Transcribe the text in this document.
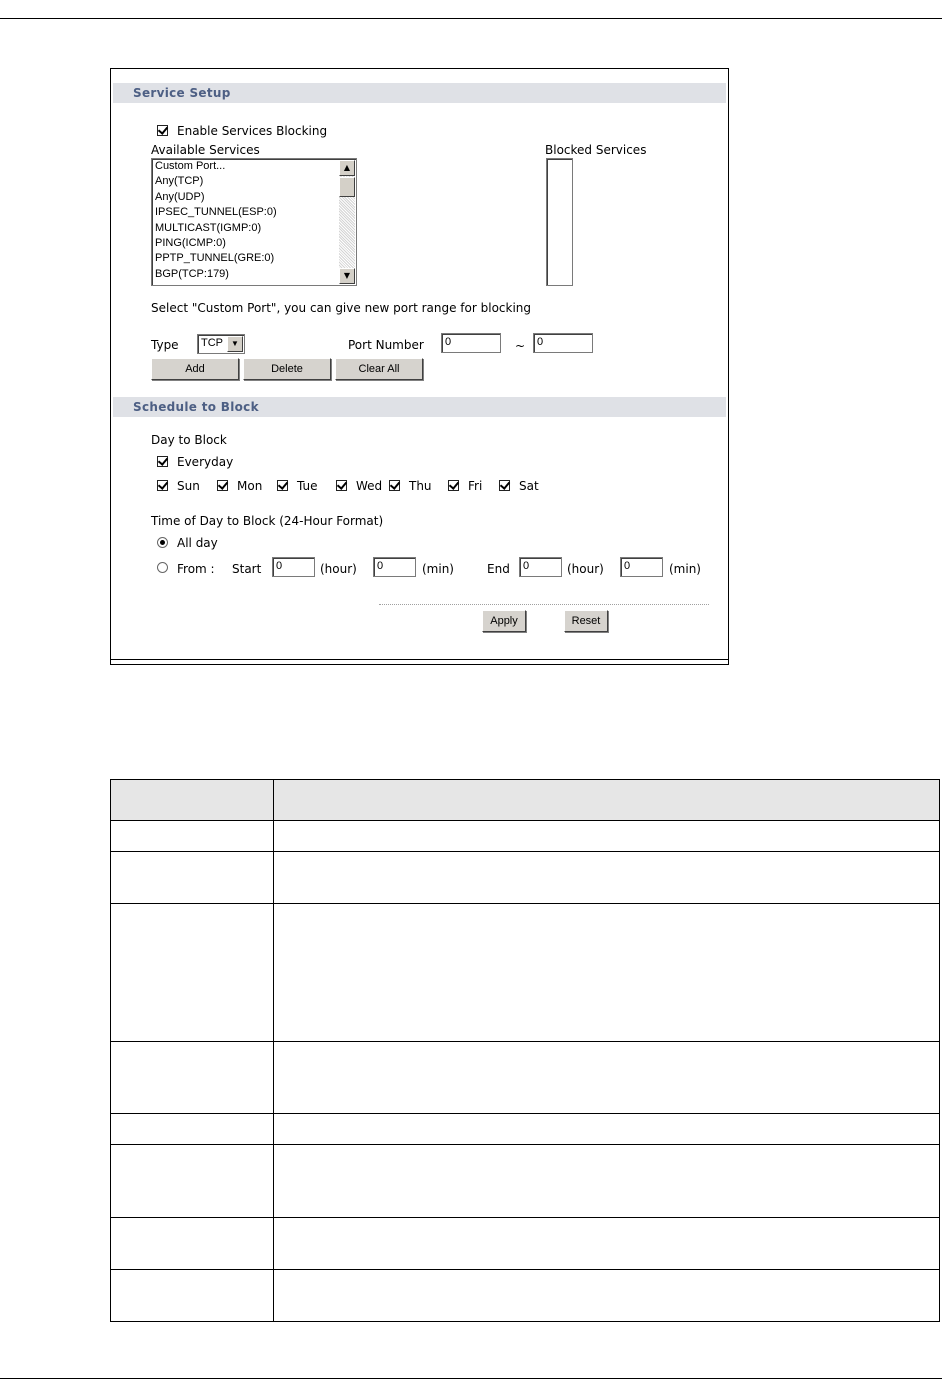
Service Setup
Enable Services Blocking
Available Services
Custom Port...
Any(TCP)
Any(UDP)
IPSEC_TUNNEL(ESP:0)
MULTICAST(IGMP:0)
PING(ICMP:0)
PPTP_TUNNEL(GRE:0)
BGP(TCP:179)
▲
▼
Blocked Services
Select "Custom Port", you can give new port range for blocking
Type	TCP	▼	Port Number	0	~	0
Add	Delete	Clear All
Schedule to Block
Day to Block
Everyday
Sun	Mon	Tue	Wed Thu	Fri	Sat
Time of Day to Block (24-Hour Format)
All day
From : Start	0	(hour)	0	(min)	End	0	(hour)	0	(min)
Apply	Reset
